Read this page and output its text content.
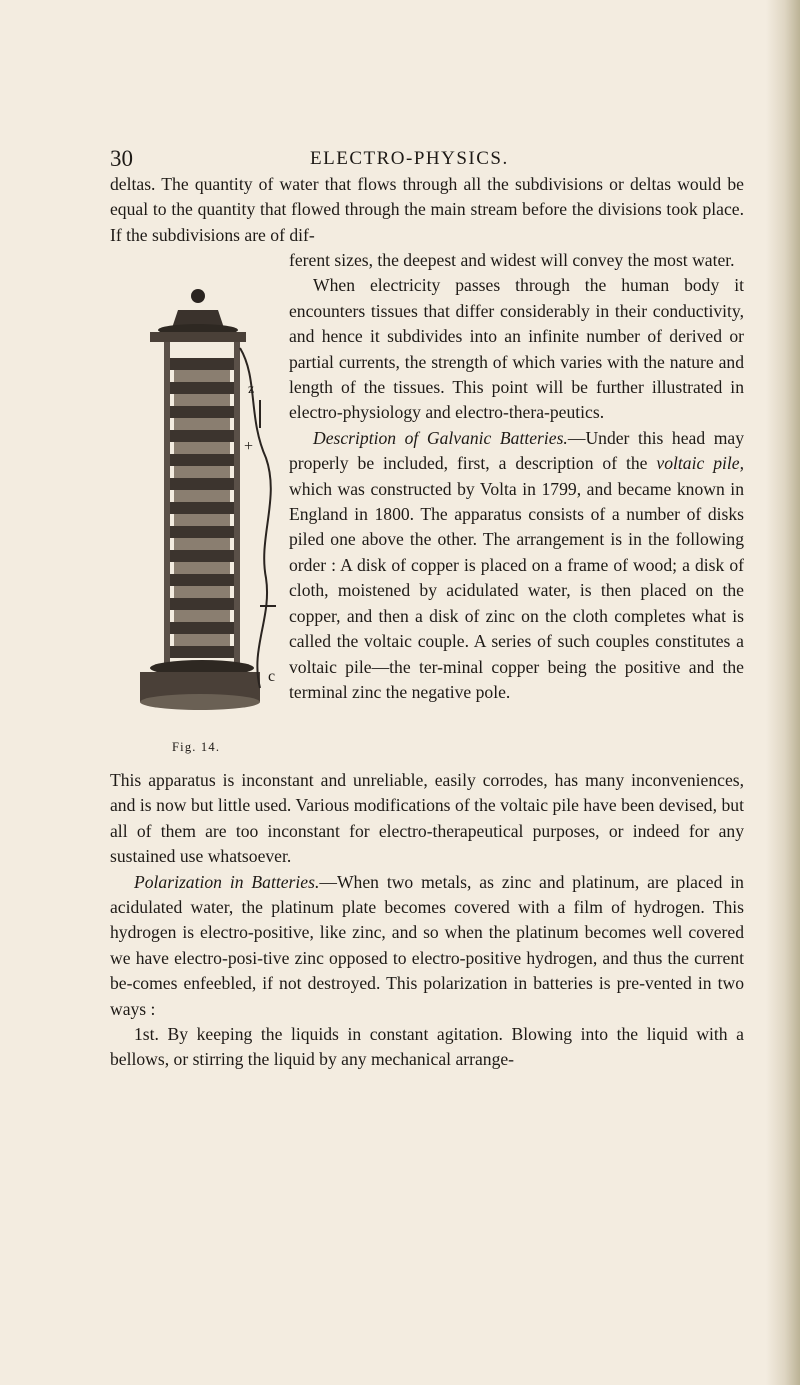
30	ELECTRO-PHYSICS.

deltas. The quantity of water that flows through all the subdivisions or deltas would be equal to the quantity that flowed through the main stream before the divisions took place. If the subdivisions are of dif-

ferent sizes, the deepest and widest will convey the most water.

When electricity passes through the human body it encounters tissues that differ considerably in their conductivity, and hence it subdivides into an infinite number of derived or partial currents, the strength of which varies with the nature and length of the tissues. This point will be further illustrated in electro-physiology and electro-thera-peutics.

Description of Galvanic Batteries.—Under this head may properly be included, first, a description of the voltaic pile, which was constructed by Volta in 1799, and became known in England in 1800. The apparatus consists of a number of disks piled one above the other. The arrangement is in the following order : A disk of copper is placed on a frame of wood; a disk of cloth, moistened by acidulated water, is then placed on the copper, and then a disk of zinc on the cloth completes what is called the voltaic couple. A series of such couples constitutes a voltaic pile—the ter-minal copper being the positive and the terminal zinc the negative pole.

z
+
c
Fig. 14.

This apparatus is inconstant and unreliable, easily corrodes, has many inconveniences, and is now but little used. Various modifications of the voltaic pile have been devised, but all of them are too inconstant for electro-therapeutical purposes, or indeed for any sustained use whatsoever.

Polarization in Batteries.—When two metals, as zinc and platinum, are placed in acidulated water, the platinum plate becomes covered with a film of hydrogen. This hydrogen is electro-positive, like zinc, and so when the platinum becomes well covered we have electro-posi-tive zinc opposed to electro-positive hydrogen, and thus the current be-comes enfeebled, if not destroyed. This polarization in batteries is pre-vented in two ways :

1st. By keeping the liquids in constant agitation. Blowing into the liquid with a bellows, or stirring the liquid by any mechanical arrange-
